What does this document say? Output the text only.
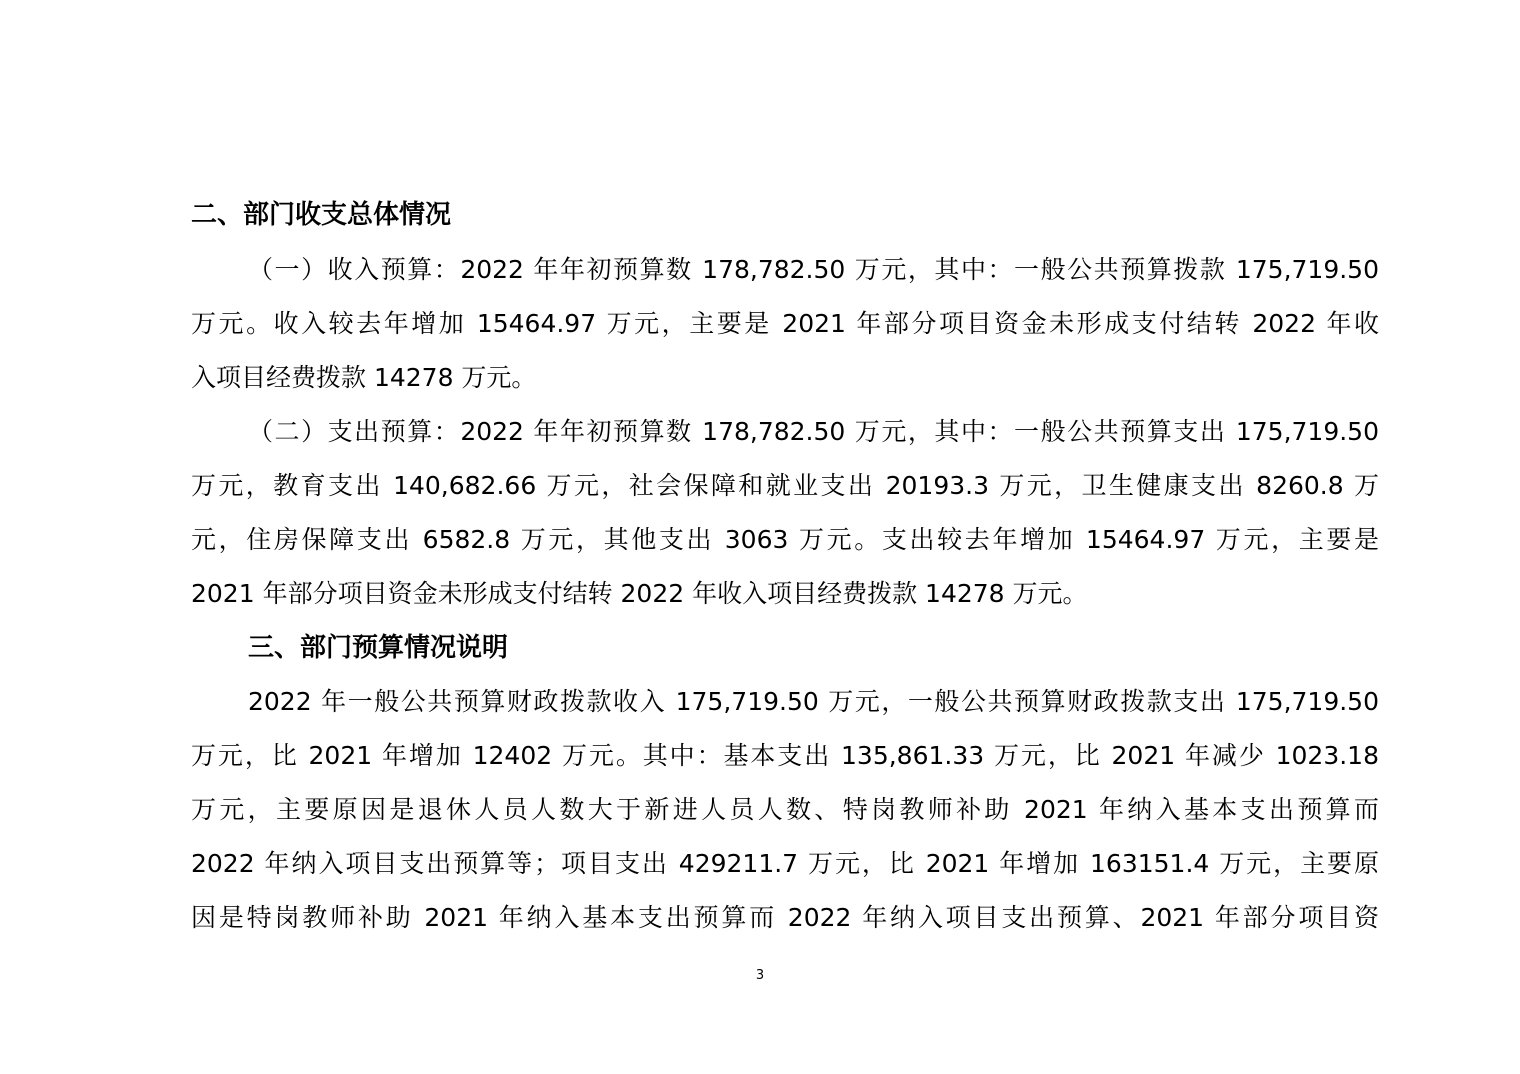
二、部门收支总体情况
（一）收入预算：2022 年年初预算数 178,782.50 万元，其中：一般公共预算拨款 175,719.50
万元。收入较去年增加 15464.97 万元，主要是 2021 年部分项目资金未形成支付结转 2022 年收
入项目经费拨款 14278 万元。
（二）支出预算：2022 年年初预算数 178,782.50 万元，其中：一般公共预算支出 175,719.50
万元，教育支出 140,682.66 万元，社会保障和就业支出 20193.3 万元，卫生健康支出 8260.8 万
元，住房保障支出 6582.8 万元，其他支出 3063 万元。支出较去年增加 15464.97 万元，主要是
2021 年部分项目资金未形成支付结转 2022 年收入项目经费拨款 14278 万元。
三、部门预算情况说明
2022 年一般公共预算财政拨款收入 175,719.50 万元，一般公共预算财政拨款支出 175,719.50
万元，比 2021 年增加 12402 万元。其中：基本支出 135,861.33 万元，比 2021 年减少 1023.18
万元，主要原因是退休人员人数大于新进人员人数、特岗教师补助 2021 年纳入基本支出预算而
2022 年纳入项目支出预算等；项目支出 429211.7 万元，比 2021 年增加 163151.4 万元，主要原
因是特岗教师补助 2021 年纳入基本支出预算而 2022 年纳入项目支出预算、2021 年部分项目资
3
